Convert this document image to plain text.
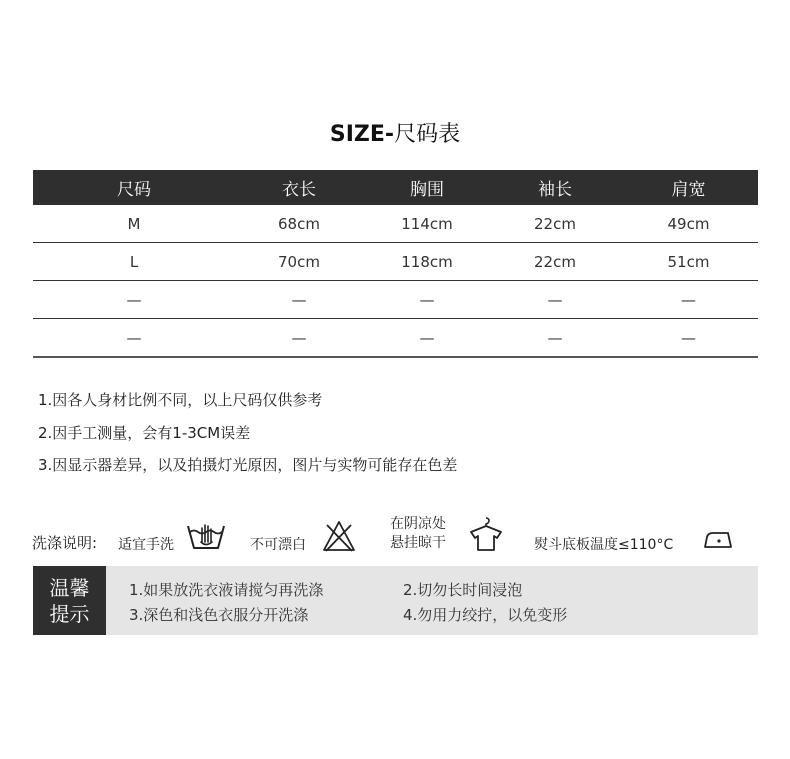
SIZE-尺码表
尺码	衣长	胸围	袖长	肩宽
M	68cm	114cm	22cm	49cm
L	70cm	118cm	22cm	51cm
—	—	—	—	—
—	—	—	—	—
1.因各人身材比例不同，以上尺码仅供参考
2.因手工测量，会有1-3CM误差
3.因显示器差异，以及拍摄灯光原因，图片与实物可能存在色差
洗涤说明: 适宜手洗	不可漂白
在阴凉处
悬挂晾干	熨斗底板温度≤110°C
温馨
提示
1.如果放洗衣液请搅匀再洗涤	2.切勿长时间浸泡
3.深色和浅色衣服分开洗涤	4.勿用力绞拧，以免变形
